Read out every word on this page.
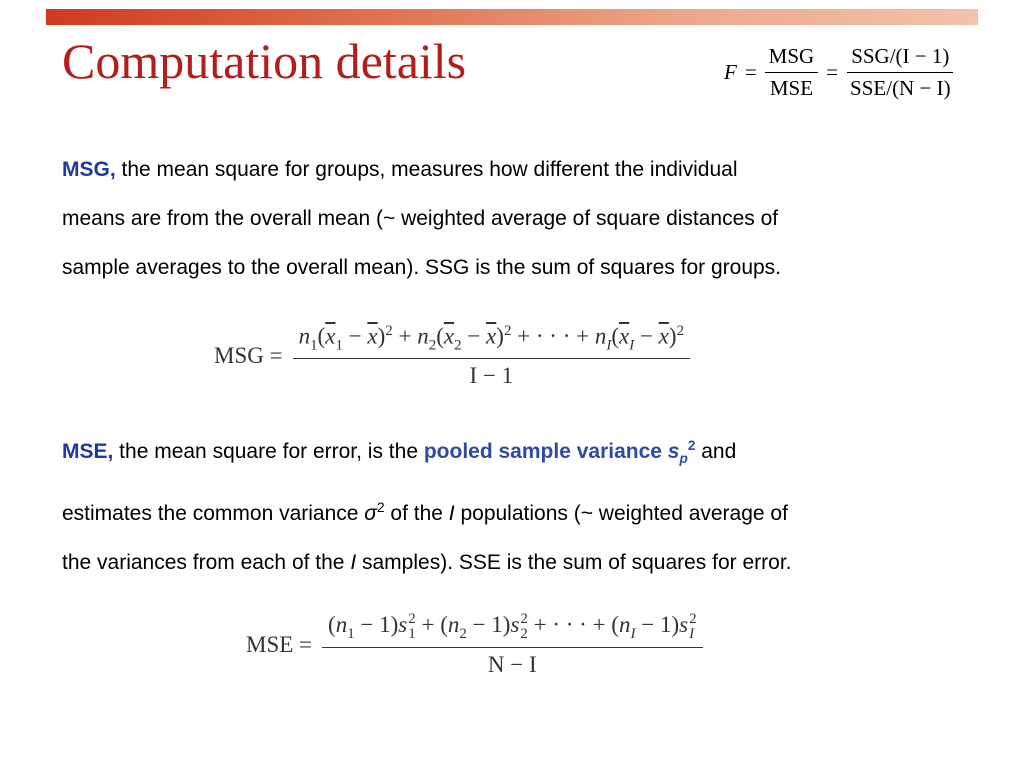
Computation details	$F = \frac{\text{MSG}}{\text{MSE}} = \frac{\text{SSG/(I − 1)}}{\text{SSE/(N − I)}}$
MSG, the mean square for groups, measures how different the individual
means are from the overall mean (~ weighted average of square distances of
sample averages to the overall mean). SSG is the sum of squares for groups.
MSG = $\frac{n_1(\overline{x}_1 - \overline{x})^2 + n_2(\overline{x}_2 - \overline{x})^2 + \cdot \cdot \cdot + n_I(\overline{x}_I - \overline{x})^2}{I - 1}$
MSE, the mean square for error, is the pooled sample variance $s_p^2$ and
estimates the common variance $\sigma^2$ of the I populations (~ weighted average of
the variances from each of the I samples). SSE is the sum of squares for error.
MSE = $(n_1 - 1)s$ 2
$1 + (n_2 - 1)s$ 2
2 + · · · + $(n_I - 1)s$ 2
I
N − I
